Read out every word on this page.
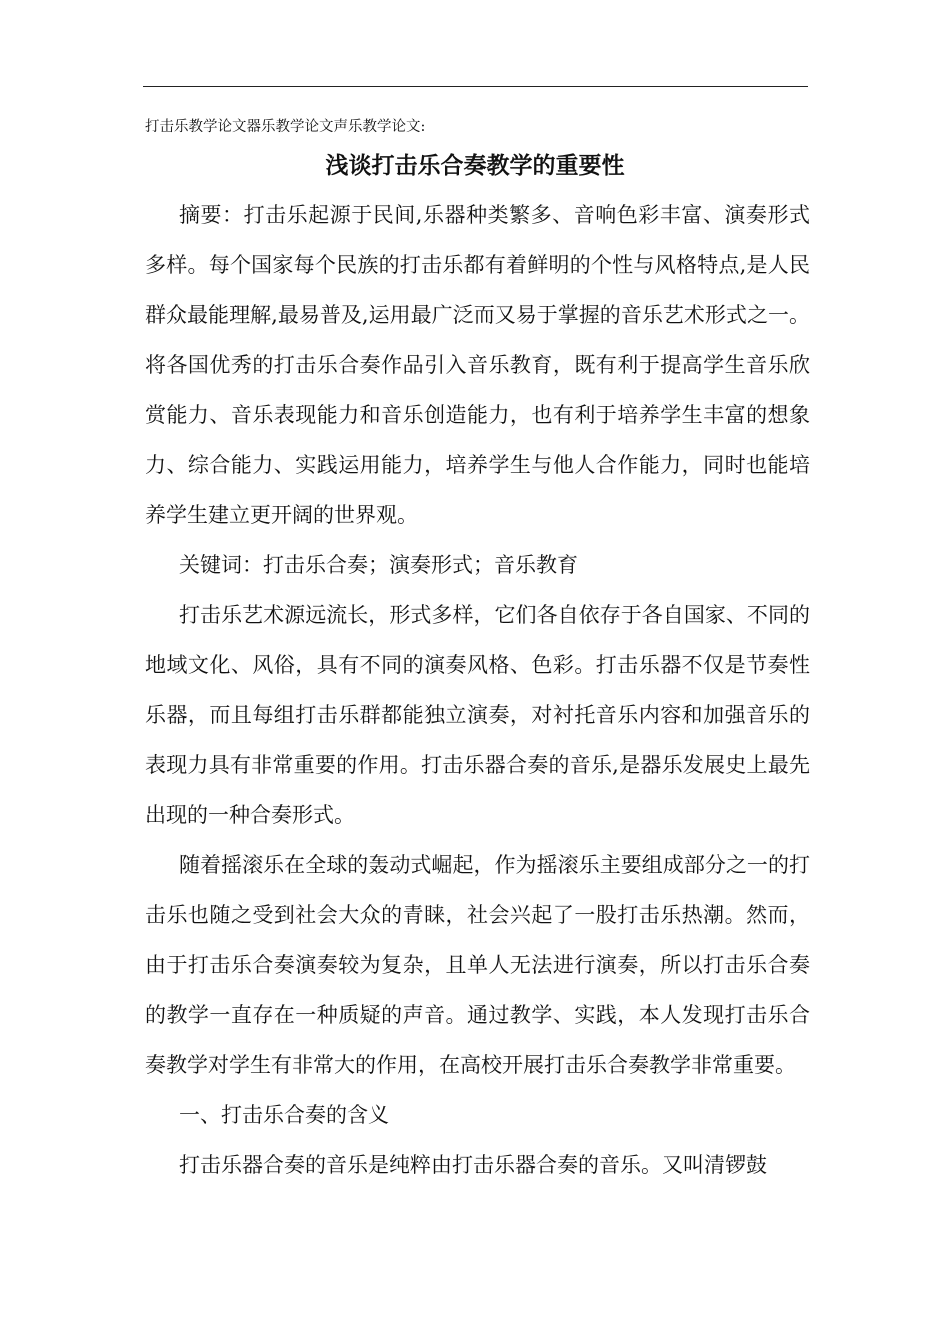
打击乐教学论文器乐教学论文声乐教学论文:
浅谈打击乐合奏教学的重要性

摘要：打击乐起源于民间,乐器种类繁多、音响色彩丰富、演奏形式多样。每个国家每个民族的打击乐都有着鲜明的个性与风格特点,是人民群众最能理解,最易普及,运用最广泛而又易于掌握的音乐艺术形式之一。将各国优秀的打击乐合奏作品引入音乐教育，既有利于提高学生音乐欣赏能力、音乐表现能力和音乐创造能力，也有利于培养学生丰富的想象力、综合能力、实践运用能力，培养学生与他人合作能力，同时也能培养学生建立更开阔的世界观。

关键词：打击乐合奏；演奏形式；音乐教育

打击乐艺术源远流长，形式多样，它们各自依存于各自国家、不同的地域文化、风俗，具有不同的演奏风格、色彩。打击乐器不仅是节奏性乐器，而且每组打击乐群都能独立演奏，对衬托音乐内容和加强音乐的表现力具有非常重要的作用。打击乐器合奏的音乐,是器乐发展史上最先出现的一种合奏形式。

随着摇滚乐在全球的轰动式崛起，作为摇滚乐主要组成部分之一的打击乐也随之受到社会大众的青睐，社会兴起了一股打击乐热潮。然而，由于打击乐合奏演奏较为复杂，且单人无法进行演奏，所以打击乐合奏的教学一直存在一种质疑的声音。通过教学、实践，本人发现打击乐合奏教学对学生有非常大的作用，在高校开展打击乐合奏教学非常重要。

一、打击乐合奏的含义

打击乐器合奏的音乐是纯粹由打击乐器合奏的音乐。又叫清锣鼓
